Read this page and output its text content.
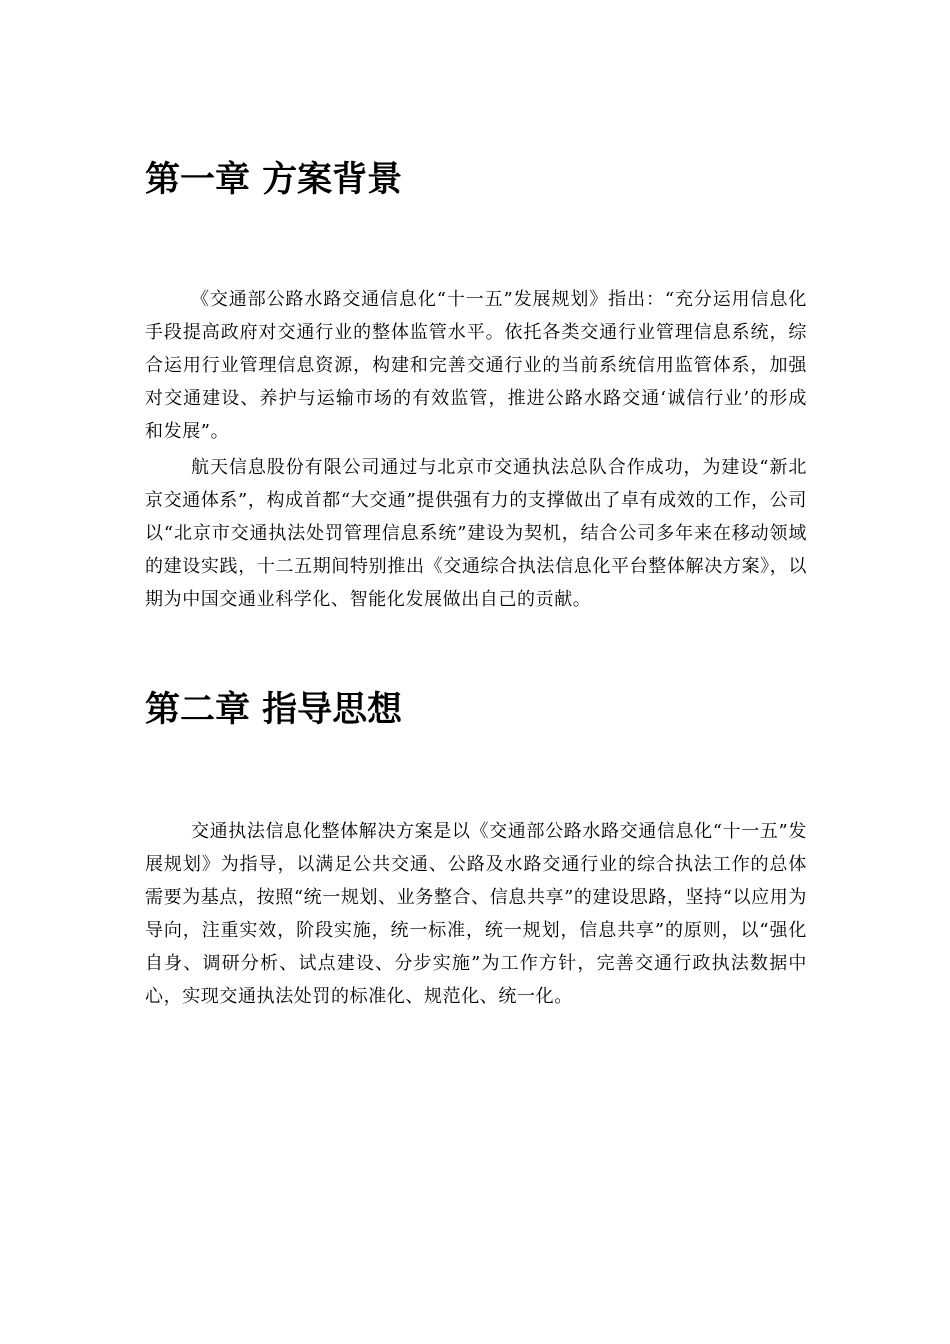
第一章 方案背景

《交通部公路水路交通信息化“十一五”发展规划》指出：“充分运用信息化手段提高政府对交通行业的整体监管水平。依托各类交通行业管理信息系统，综合运用行业管理信息资源，构建和完善交通行业的当前系统信用监管体系，加强对交通建设、养护与运输市场的有效监管，推进公路水路交通‘诚信行业’的形成和发展”。

航天信息股份有限公司通过与北京市交通执法总队合作成功，为建设“新北京交通体系”，构成首都“大交通”提供强有力的支撑做出了卓有成效的工作，公司以“北京市交通执法处罚管理信息系统”建设为契机，结合公司多年来在移动领域的建设实践，十二五期间特别推出《交通综合执法信息化平台整体解决方案》，以期为中国交通业科学化、智能化发展做出自己的贡献。

第二章 指导思想

交通执法信息化整体解决方案是以《交通部公路水路交通信息化“十一五”发展规划》为指导，以满足公共交通、公路及水路交通行业的综合执法工作的总体需要为基点，按照“统一规划、业务整合、信息共享”的建设思路，坚持“以应用为导向，注重实效，阶段实施，统一标准，统一规划，信息共享”的原则，以“强化自身、调研分析、试点建设、分步实施”为工作方针，完善交通行政执法数据中心，实现交通执法处罚的标准化、规范化、统一化。
